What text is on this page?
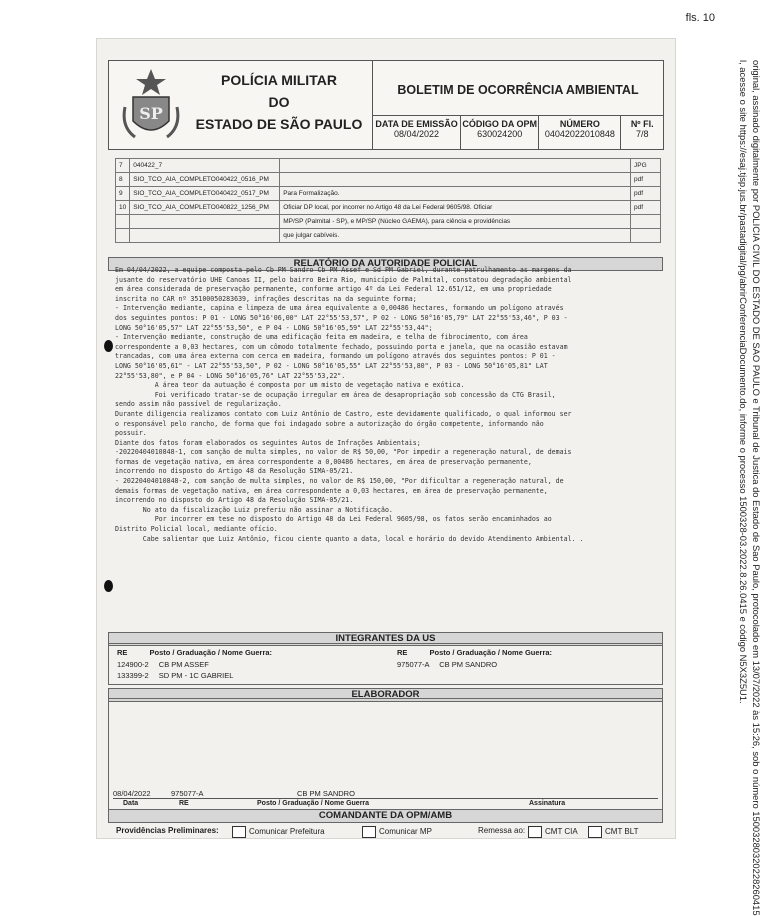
fls. 10
SP
POLÍCIA MILITAR
DO
ESTADO DE SÃO PAULO
BOLETIM DE OCORRÊNCIA AMBIENTAL
DATA DE EMISSÃO
08/04/2022
CÓDIGO DA OPM
630024200
NÚMERO
04042022010848
Nº Fl.
7/8
7	040422_7		JPG
8	SIO_TCO_AIA_COMPLETO040422_0516_PM		pdf
9	SIO_TCO_AIA_COMPLETO040422_0517_PM	Para Formalização.	pdf
10	SIO_TCO_AIA_COMPLETO040822_1256_PM	Oficiar DP local, por incorrer no Artigo 48 da Lei Federal 9605/98. Oficiar	pdf
		MP/SP (Palmital - SP), e MP/SP (Núcleo GAEMA), para ciência e providências	
		que julgar cabíveis.	
RELATÓRIO DA AUTORIDADE POLICIAL

Em 04/04/2022, a equipe composta pelo Cb PM Sandro Cb PM Assef e Sd PM Gabriel, durante patrulhamento as margens da

jusante do reservatório UHE Canoas II, pelo bairro Beira Rio, município de Palmital, constatou degradação ambiental

em área considerada de preservação permanente, conforme artigo 4º da Lei Federal 12.651/12, em uma propriedade

inscrita no CAR nº 35100050283639, infrações descritas na da seguinte forma;

- Intervenção mediante, capina e limpeza de uma área equivalente a 0,00486 hectares, formando um polígono através

dos seguintes pontos: P 01 - LONG 50°16'06,00" LAT 22°55'53,57", P 02 - LONG 50°16'05,79" LAT 22°55'53,46", P 03 -

LONG 50°16'05,57" LAT 22°55'53,50", e P 04 - LONG 50°16'05,59" LAT 22°55'53,44";

- Intervenção mediante, construção de uma edificação feita em madeira, e telha de fibrocimento, com área

correspondente a 0,03 hectares, com um cômodo totalmente fechado, possuindo porta e janela, que na ocasião estavam

trancadas, com uma área externa com cerca em madeira, formando um polígono através dos seguintes pontos: P 01 -

LONG 50°16'05,61" - LAT 22°55'53,50", P 02 - LONG 50°16'05,55" LAT 22°55'53,80", P 03 - LONG 50°16'05,81" LAT

22°55'53,80", e P 04 - LONG 50°16'05,76" LAT 22°55'53,22".

A área teor da autuação é composta por um misto de vegetação nativa e exótica.

Foi verificado tratar-se de ocupação irregular em área de desapropriação sob concessão da CTG Brasil,

sendo assim não passível de regularização.

Durante diligencia realizamos contato com Luiz Antônio de Castro, este devidamente qualificado, o qual informou ser

o responsável pelo rancho, de forma que foi indagado sobre a autorização do órgão competente, informando não

possuir.

Diante dos fatos foram elaborados os seguintes Autos de Infrações Ambientais;

-20220404010848-1, com sanção de multa simples, no valor de R$ 50,00, "Por impedir a regeneração natural, de demais

formas de vegetação nativa, em área correspondente a 0,00486 hectares, em área de preservação permanente,

incorrendo no disposto do Artigo 48 da Resolução SIMA-05/21.

- 20220404010848-2, com sanção de multa simples, no valor de R$ 150,00, "Por dificultar a regeneração natural, de

demais formas de vegetação nativa, em área correspondente a 0,03 hectares, em área de preservação permanente,

incorrendo no disposto do Artigo 48 da Resolução SIMA-05/21.

No ato da fiscalização Luiz preferiu não assinar a Notificação.

Por incorrer em tese no disposto do Artigo 48 da Lei Federal 9605/98, os fatos serão encaminhados ao

Distrito Policial local, mediante ofício.

Cabe salientar que Luiz Antônio, ficou ciente quanto a data, local e horário do devido Atendimento Ambiental. .

INTEGRANTES DA US
RE	Posto / Graduação / Nome Guerra:
124900-2 CB PM ASSEF
133399-2 SD PM - 1C GABRIEL
RE	Posto / Graduação / Nome Guerra:
975077-A CB PM SANDRO
ELABORADOR
08/04/2022	975077-A	CB PM SANDRO
Data	RE	Posto / Graduação / Nome Guerra	Assinatura
COMANDANTE DA OPM/AMB
Providências Preliminares:	Comunicar Prefeitura	Comunicar MP	Remessa ao:	CMT CIA	CMT BLT	original, assinado digitalmente por POLICIA CIVIL DO ESTADO DE SAO PAULO e Tribunal de Justica do Estado de Sao Paulo, protocolado em 13/07/2022 às 15:26, sob o número 15003280320228260415
l, acesse o site https://esaj.tjsp.jus.br/pastadigital/pg/abrirConferenciaDocumento.do, informe o processo 1500328-03.2022.8.26.0415 e código N5X3Z5U1.
